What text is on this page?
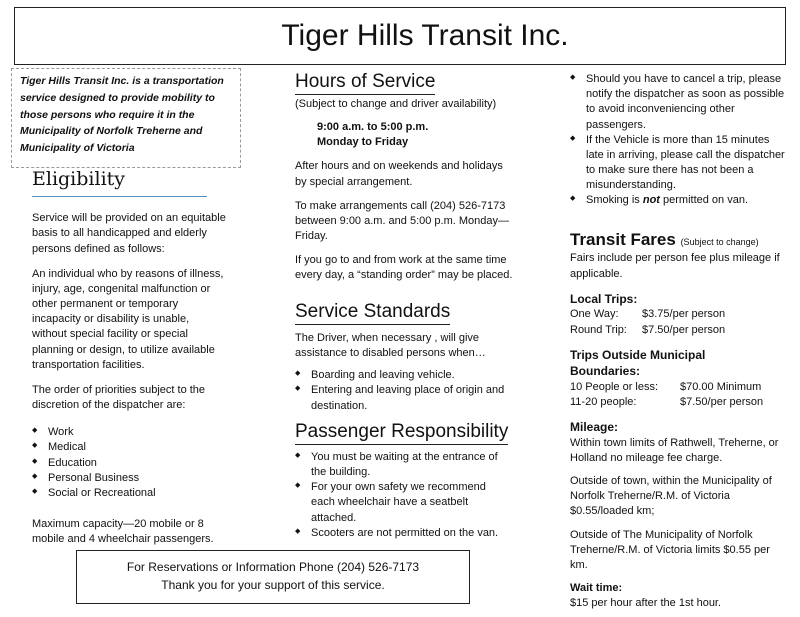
Tiger Hills Transit Inc.
Tiger Hills Transit Inc. is a transportation service designed to provide mobility to those persons who require it in the Municipality of Norfolk Treherne and Municipality of Victoria
Eligibility

Service will be provided on an equitable basis to all handicapped and elderly persons defined as follows:

An individual who by reasons of illness, injury, age, congenital malfunction or other permanent or temporary incapacity or disability is unable, without special facility or special planning or design, to utilize available transportation facilities.

The order of priorities subject to the discretion of the dispatcher are:

◆ Work
◆ Medical
◆ Education
◆ Personal Business
◆ Social or Recreational

Maximum capacity—20 mobile or 8 mobile and 4 wheelchair passengers.

Hours of Service

(Subject to change and driver availability)

9:00 a.m. to 5:00 p.m.

Monday to Friday

After hours and on weekends and holidays by special arrangement.

To make arrangements call (204) 526-7173 between 9:00 a.m. and 5:00 p.m. Monday—Friday.

If you go to and from work at the same time every day, a “standing order” may be placed.

Service Standards

The Driver, when necessary , will give assistance to disabled persons when…

◆ Boarding and leaving vehicle.
◆ Entering and leaving place of origin and destination.
Passenger Responsibility
◆ You must be waiting at the entrance of the building.
◆ For your own safety we recommend each wheelchair have a seatbelt attached.
◆ Scooters are not permitted on the van.
◆ Should you have to cancel a trip, please notify the dispatcher as soon as possible to avoid inconveniencing other passengers.
◆ If the Vehicle is more than 15 minutes late in arriving, please call the dispatcher to make sure there has not been a misunderstanding.
◆ Smoking is not permitted on van.
Transit Fares (Subject to change)

Fairs include per person fee plus mileage if applicable.

Local Trips:

One Way:	$3.75/per person
Round Trip:	$7.50/per person

Trips Outside Municipal Boundaries:

10 People or less:	$70.00 Minimum
11-20 people:	$7.50/per person

Mileage:

Within town limits of Rathwell, Treherne, or Holland no mileage fee charge.

Outside of town, within the Municipality of Norfolk Treherne/R.M. of Victoria $0.55/loaded km;

Outside of The Municipality of Norfolk Treherne/R.M. of Victoria limits $0.55 per km.

Wait time:

$15 per hour after the 1st hour.

For Reservations or Information Phone (204) 526-7173

Thank you for your support of this service.
